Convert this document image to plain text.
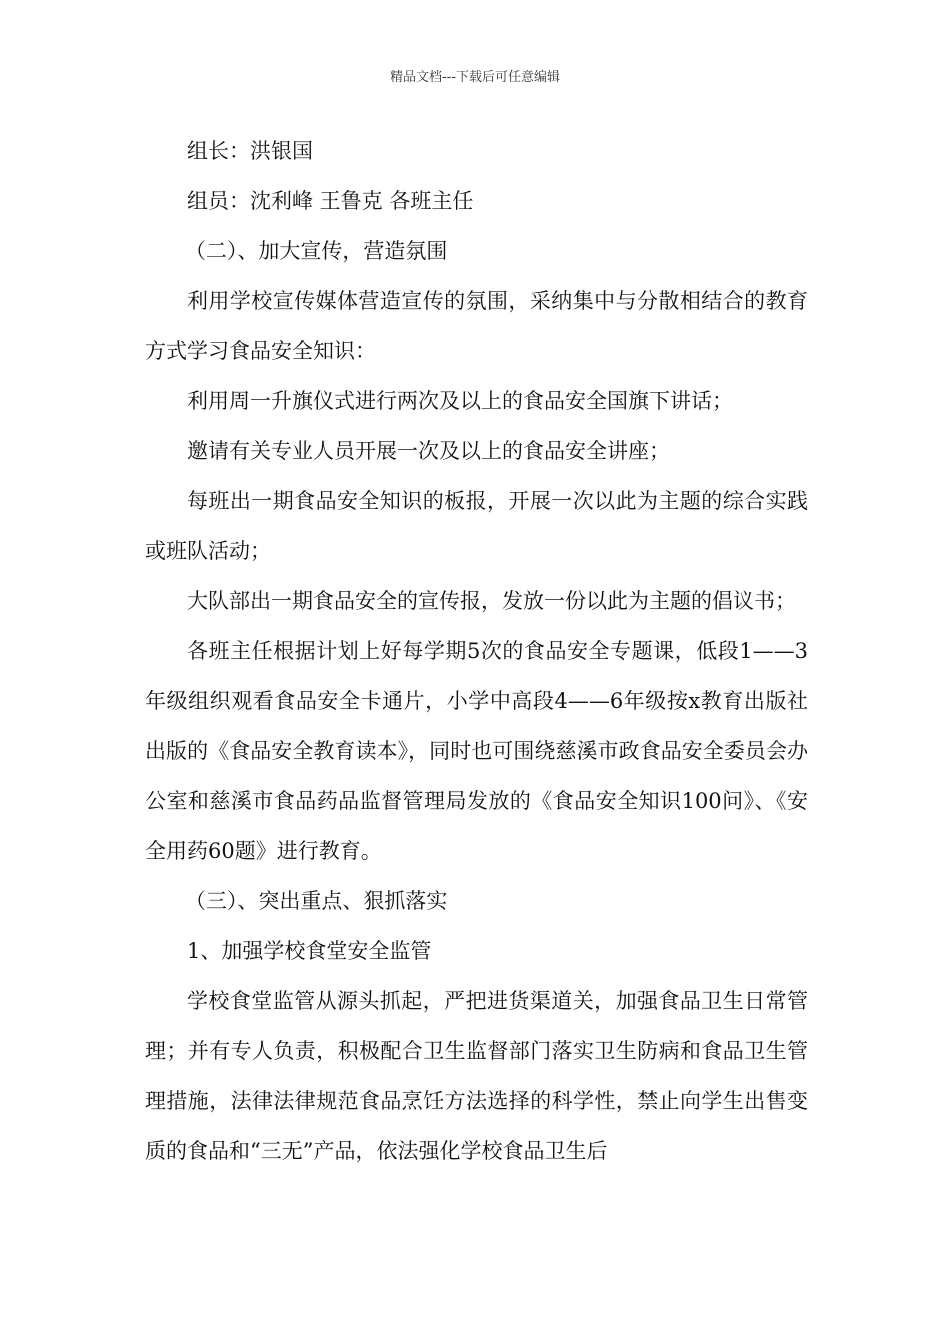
精品文档---下载后可任意编辑

组长：洪银国

组员：沈利峰 王鲁克 各班主任

（二）、加大宣传，营造氛围

利用学校宣传媒体营造宣传的氛围，采纳集中与分散相结合的教育方式学习食品安全知识：

利用周一升旗仪式进行两次及以上的食品安全国旗下讲话；

邀请有关专业人员开展一次及以上的食品安全讲座；

每班出一期食品安全知识的板报，开展一次以此为主题的综合实践或班队活动；

大队部出一期食品安全的宣传报，发放一份以此为主题的倡议书；

各班主任根据计划上好每学期5次的食品安全专题课，低段1——3年级组织观看食品安全卡通片，小学中高段4——6年级按x教育出版社出版的《食品安全教育读本》，同时也可围绕慈溪市政食品安全委员会办公室和慈溪市食品药品监督管理局发放的《食品安全知识100问》、《安全用药60题》进行教育。

（三）、突出重点、狠抓落实

1、加强学校食堂安全监管

学校食堂监管从源头抓起，严把进货渠道关，加强食品卫生日常管理；并有专人负责，积极配合卫生监督部门落实卫生防病和食品卫生管理措施，法律法律规范食品烹饪方法选择的科学性，禁止向学生出售变质的食品和“三无”产品，依法强化学校食品卫生后
